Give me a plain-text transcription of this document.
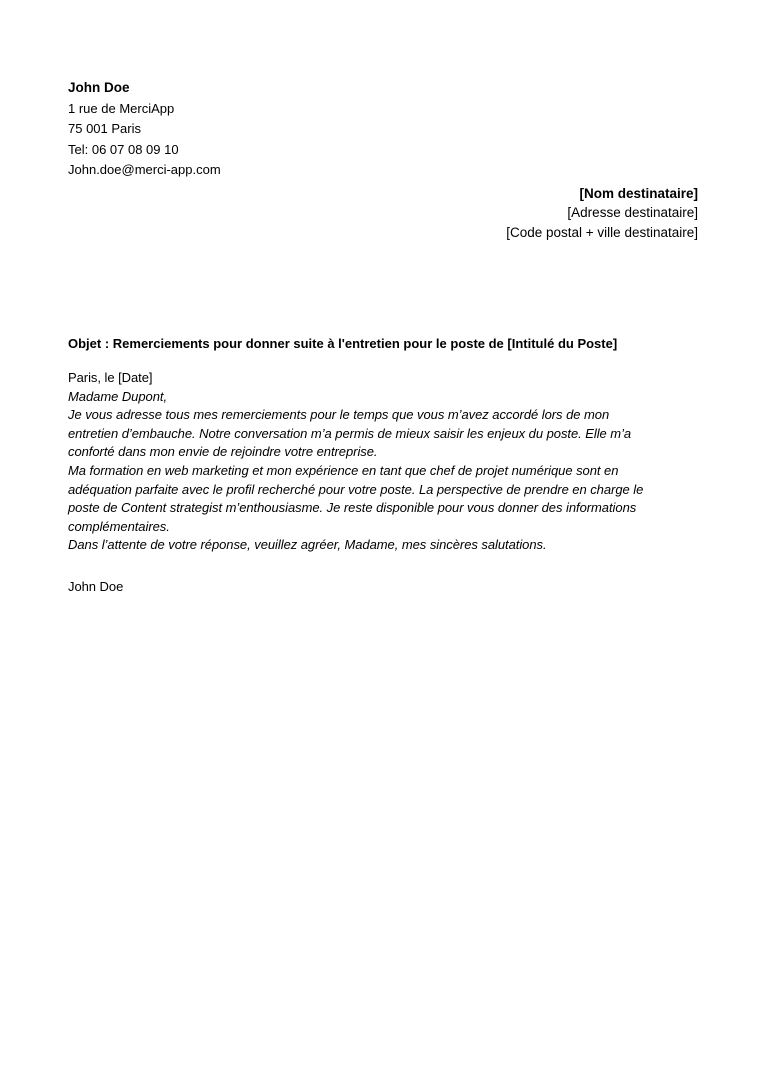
John Doe
1 rue de MerciApp
75 001 Paris
Tel: 06 07 08 09 10
John.doe@merci-app.com
[Nom destinataire]
[Adresse destinataire]
[Code postal + ville destinataire]
Objet : Remerciements pour donner suite à l'entretien pour le poste de [Intitulé du Poste]
Paris, le [Date]
Madame Dupont,
Je vous adresse tous mes remerciements pour le temps que vous m’avez accordé lors de mon
entretien d’embauche. Notre conversation m’a permis de mieux saisir les enjeux du poste. Elle m’a
conforté dans mon envie de rejoindre votre entreprise.
Ma formation en web marketing et mon expérience en tant que chef de projet numérique sont en
adéquation parfaite avec le profil recherché pour votre poste. La perspective de prendre en charge le
poste de Content strategist m’enthousiasme. Je reste disponible pour vous donner des informations
complémentaires.
Dans l’attente de votre réponse, veuillez agréer, Madame, mes sincères salutations.
John Doe
